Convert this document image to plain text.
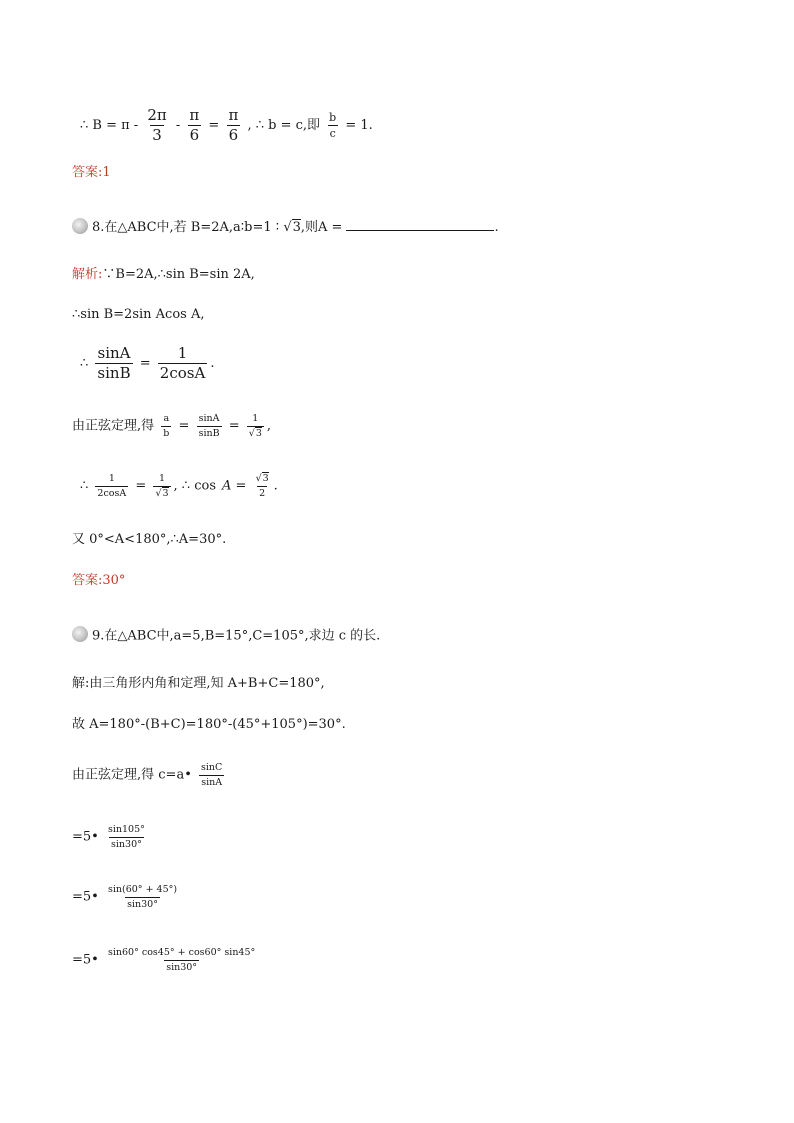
∴ $B = \pi - \frac{2\pi}{3} - \frac{\pi}{6} = \frac{\pi}{6}$ , ∴ b = c,即 $\frac{b}{c} = 1$.
答案:1
8.在△ABC中,若 B=2A,a∶b=1 ∶ √3,则A =	.
解析:∵B=2A,∴sin B=sin 2A,
∴sin B=2sin Acos A,
∴ $\frac{\sin A}{\sin B} = \frac{1}{2\cos A}$ .
由正弦定理,得 $\frac{a}{b} = \frac{\sin A}{\sin B} = \frac{1}{√3}$ ,
∴ $\frac{1}{2\cos A} = \frac{1}{√3}$ , ∴ $\cos A = \frac{√3}{2}$ .
又 0°<A<180°,∴A=30°.
答案:30°
9.在△ABC中,a=5,B=15°,C=105°,求边 c 的长.
解:由三角形内角和定理,知 A+B+C=180°,
故 A=180°-(B+C)=180°-(45°+105°)=30°.
由正弦定理,得 c=a• $\frac{\sin C}{\sin A}$
=5• $\frac{\sin 105^\circ}{\sin 30^\circ}$
=5• $\frac{\sin(60^\circ + 45^\circ)}{\sin 30^\circ}$
=5• $\frac{\sin 60^\circ \cos 45^\circ + \cos 60^\circ \sin 45^\circ}{\sin 30^\circ}$
